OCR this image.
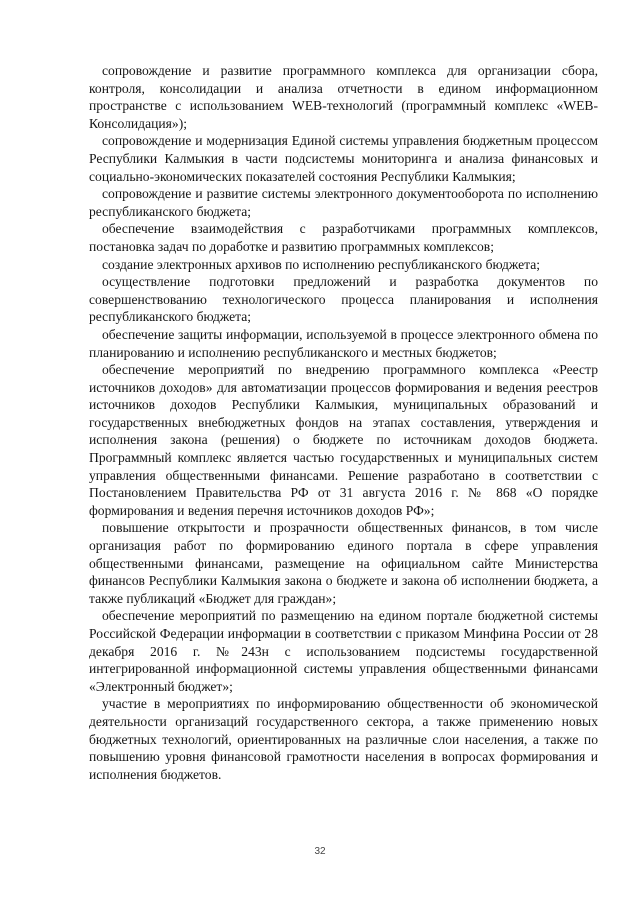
сопровождение и развитие программного комплекса для организации сбора, контроля, консолидации и анализа отчетности в едином информационном пространстве с использованием WEB-технологий (программный комплекс «WEB-Консолидация»);

сопровождение и модернизация Единой системы управления бюджетным процессом Республики Калмыкия в части подсистемы мониторинга и анализа финансовых и социально-экономических показателей состояния Республики Калмыкия;

сопровождение и развитие системы электронного документооборота по исполнению республиканского бюджета;

обеспечение взаимодействия с разработчиками программных комплексов, постановка задач по доработке и развитию программных комплексов;

создание электронных архивов по исполнению республиканского бюджета;

осуществление подготовки предложений и разработка документов по совершенствованию технологического процесса планирования и исполнения республиканского бюджета;

обеспечение защиты информации, используемой в процессе электронного обмена по планированию и исполнению республиканского и местных бюджетов;

обеспечение мероприятий по внедрению программного комплекса «Реестр источников доходов» для автоматизации процессов формирования и ведения реестров источников доходов Республики Калмыкия, муниципальных образований и государственных внебюджетных фондов на этапах составления, утверждения и исполнения закона (решения) о бюджете по источникам доходов бюджета. Программный комплекс является частью государственных и муниципальных систем управления общественными финансами. Решение разработано в соответствии с Постановлением Правительства РФ от 31 августа 2016 г. № 868 «О порядке формирования и ведения перечня источников доходов РФ»;

повышение открытости и прозрачности общественных финансов, в том числе организация работ по формированию единого портала в сфере управления общественными финансами, размещение на официальном сайте Министерства финансов Республики Калмыкия закона о бюджете и закона об исполнении бюджета, а также публикаций «Бюджет для граждан»;

обеспечение мероприятий по размещению на едином портале бюджетной системы Российской Федерации информации в соответствии с приказом Минфина России от 28 декабря 2016 г. №243н с использованием подсистемы государственной интегрированной информационной системы управления общественными финансами «Электронный бюджет»;

участие в мероприятиях по информированию общественности об экономической деятельности организаций государственного сектора, а также применению новых бюджетных технологий, ориентированных на различные слои населения, а также по повышению уровня финансовой грамотности населения в вопросах формирования и исполнения бюджетов.

32
